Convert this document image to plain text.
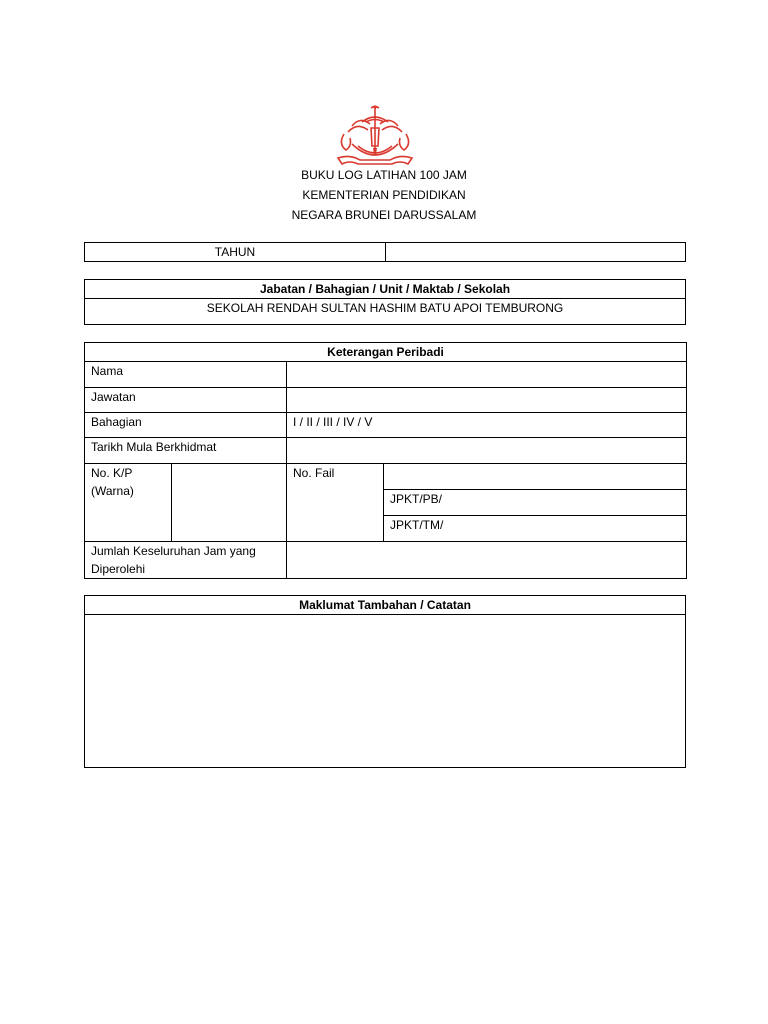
BUKU LOG LATIHAN 100 JAM
KEMENTERIAN PENDIDIKAN
NEGARA BRUNEI DARUSSALAM
TAHUN	
Jabatan / Bahagian / Unit / Maktab / Sekolah
SEKOLAH RENDAH SULTAN HASHIM BATU APOI TEMBURONG
Keterangan Peribadi			
Nama			
Jawatan			
Bahagian		I / II / III / IV / V	
Tarikh Mula Berkhidmat			

No. K/P
(Warna)		No. Fail	
			JPKT/PB/
			JPKT/TM/

Jumlah Keseluruhan Jam yang
Diperolehi			

Maklumat Tambahan / Catatan
